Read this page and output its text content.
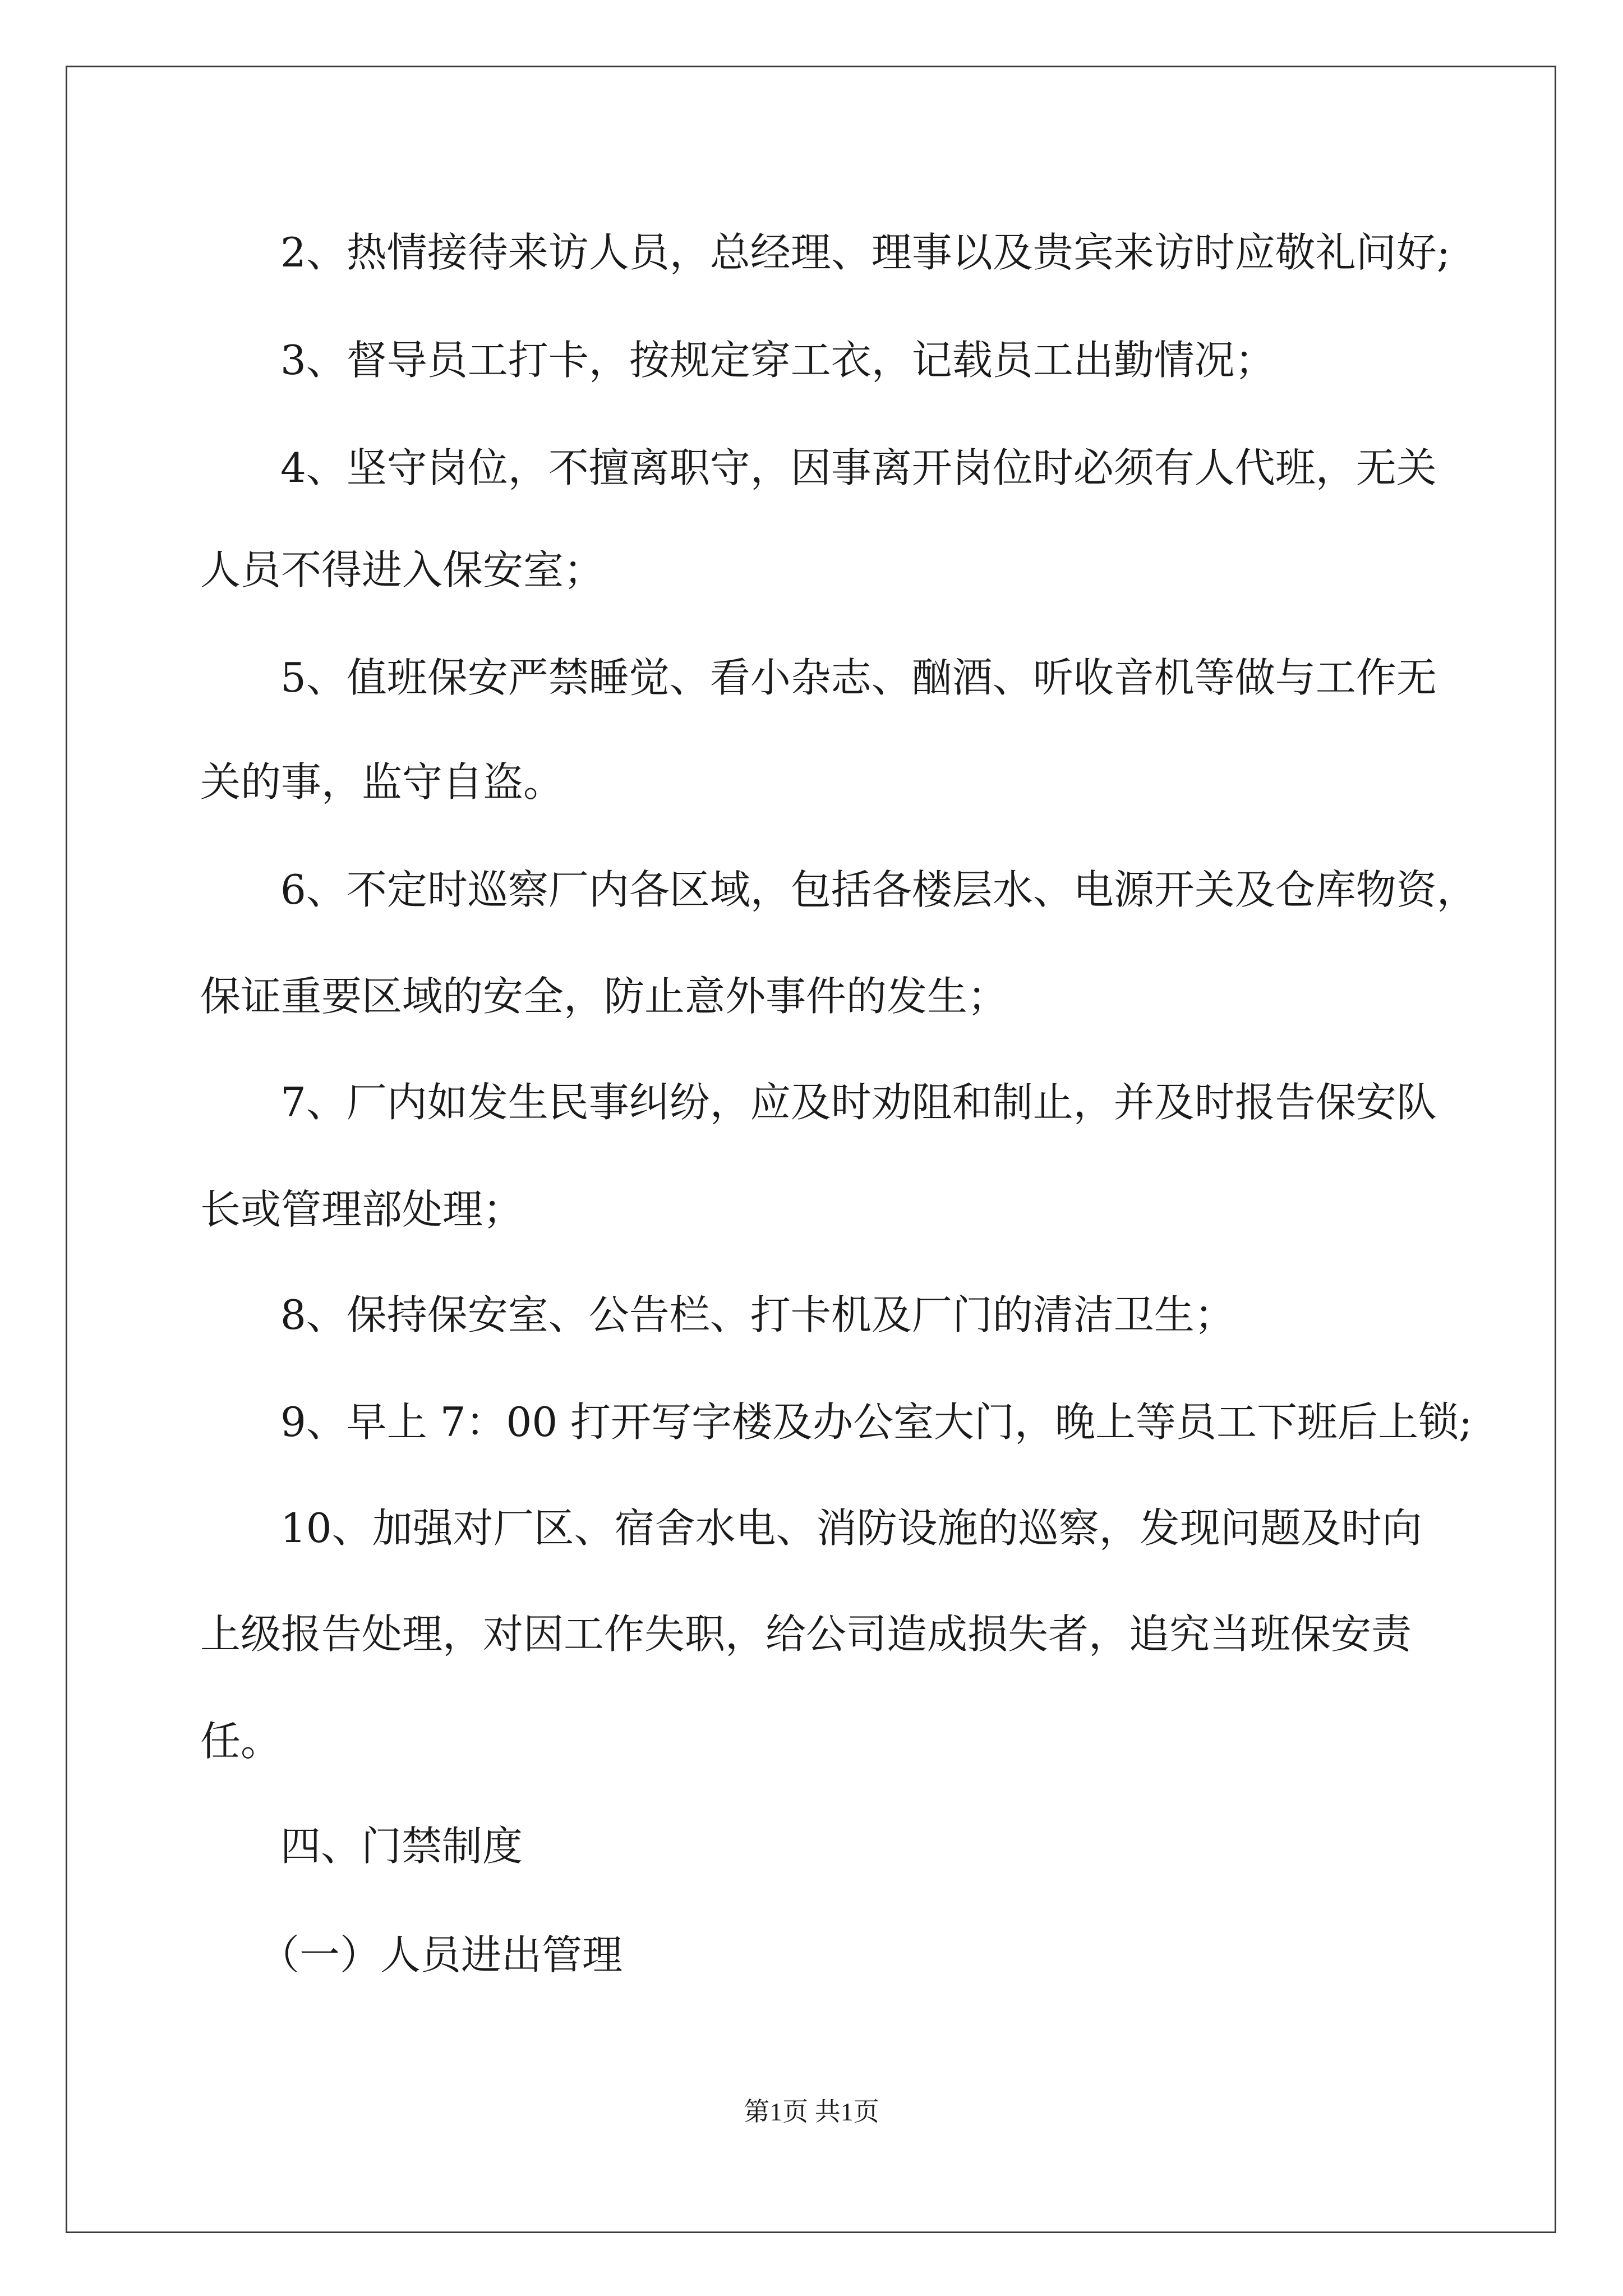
2、热情接待来访人员，总经理、理事以及贵宾来访时应敬礼问好;
3、督导员工打卡，按规定穿工衣，记载员工出勤情况；
4、坚守岗位，不擅离职守，因事离开岗位时必须有人代班，无关
人员不得进入保安室；
5、值班保安严禁睡觉、看小杂志、酗酒、听收音机等做与工作无
关的事，监守自盗。
6、不定时巡察厂内各区域，包括各楼层水、电源开关及仓库物资，
保证重要区域的安全，防止意外事件的发生；
7、厂内如发生民事纠纷，应及时劝阻和制止，并及时报告保安队
长或管理部处理；
8、保持保安室、公告栏、打卡机及厂门的清洁卫生；
9、早上 7：00 打开写字楼及办公室大门，晚上等员工下班后上锁;
10、加强对厂区、宿舍水电、消防设施的巡察，发现问题及时向
上级报告处理，对因工作失职，给公司造成损失者，追究当班保安责
任。
四、门禁制度
（一）人员进出管理
第1页 共1页
